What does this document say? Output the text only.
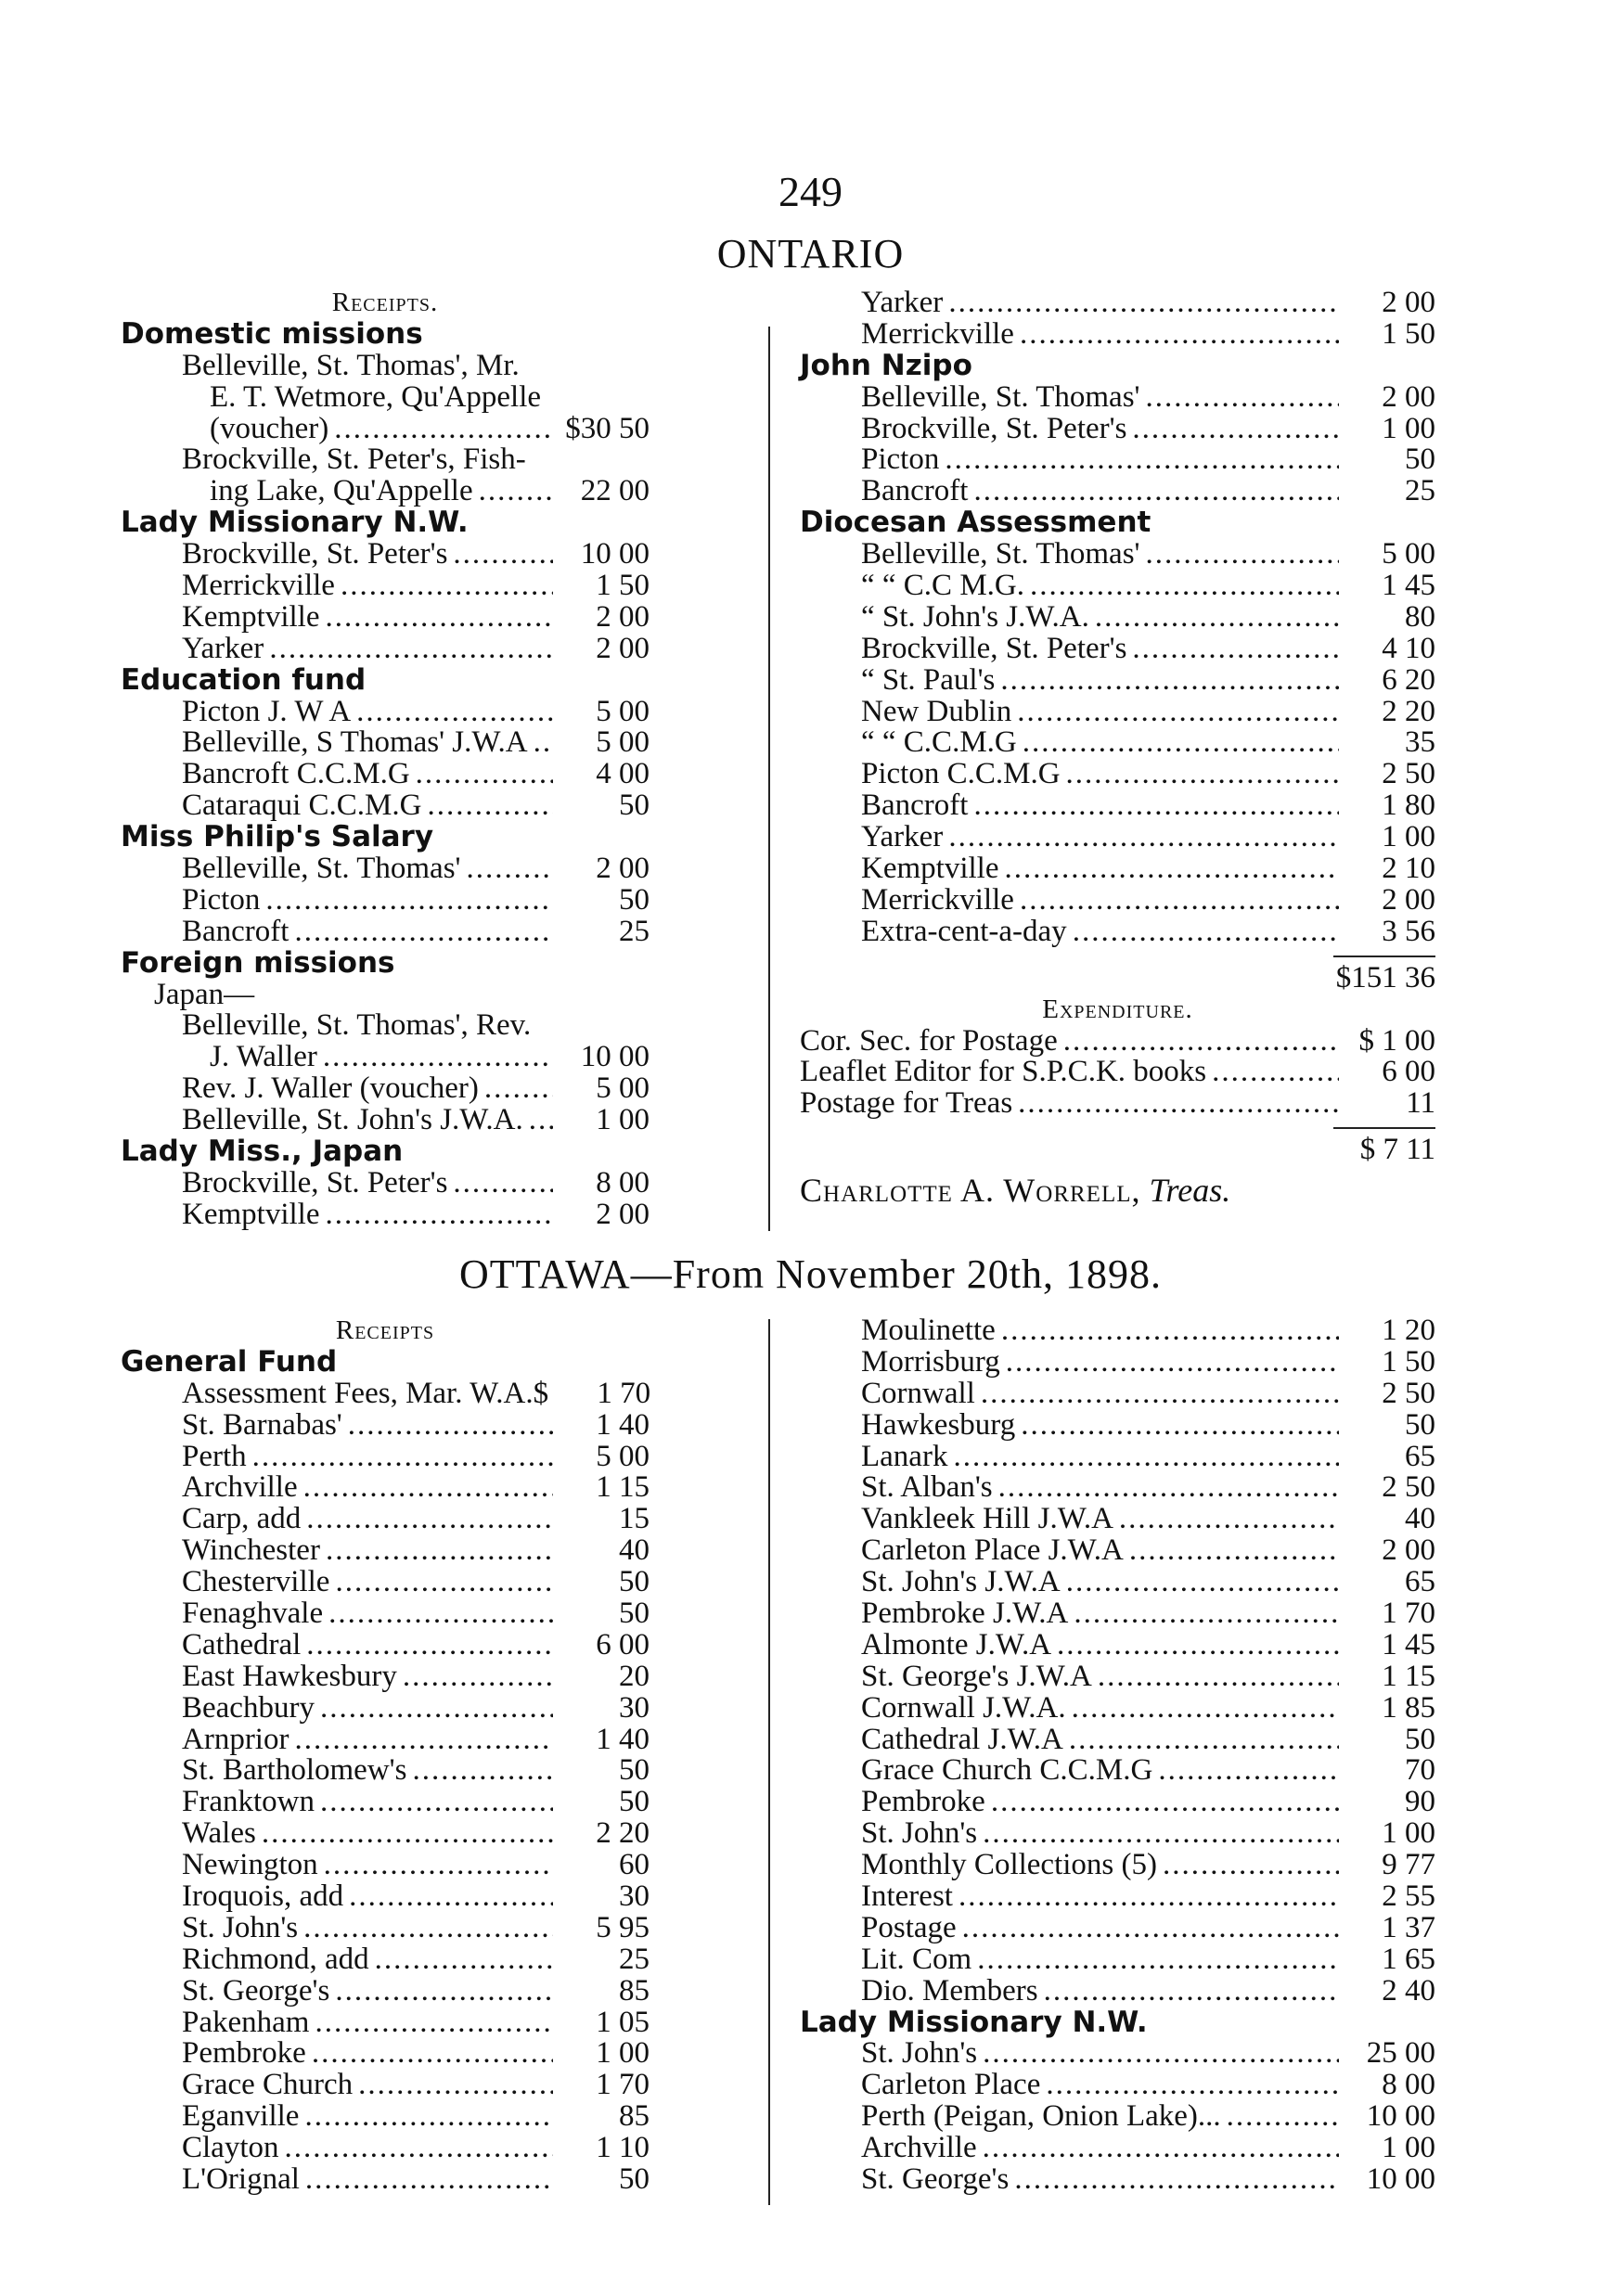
249
ONTARIO
Receipts.
Domestic missions
Belleville, St. Thomas', Mr.
E. T. Wetmore, Qu'Appelle
(voucher) .....	$30 50
Brockville, St. Peter's, Fish-
ing Lake, Qu'Appelle .....	22 00
Lady Missionary N.W.
Brockville, St. Peter's .....	10 00
Merrickville .....	1 50
Kemptville .....	2 00
Yarker .....	2 00
Education fund
Picton J. W A .....	5 00
Belleville, S Thomas' J.W.A .....	5 00
Bancroft C.C.M.G .....	4 00
Cataraqui C.C.M.G .....	50
Miss Philip's Salary
Belleville, St. Thomas' .....	2 00
Picton .....	50
Bancroft .....	25
Foreign missions
Japan—
Belleville, St. Thomas', Rev.
J. Waller .....	10 00
Rev. J. Waller (voucher) .....	5 00
Belleville, St. John's J.W.A. .....	1 00
Lady Miss., Japan
Brockville, St. Peter's .....	8 00
Kemptville .....	2 00
Yarker .....	2 00
Merrickville .....	1 50
John Nzipo
Belleville, St. Thomas' .....	2 00
Brockville, St. Peter's .....	1 00
Picton .....	50
Bancroft .....	25
Diocesan Assessment
Belleville, St. Thomas' .....	5 00
“ “ C.C M.G. .....	1 45
“ St. John's J.W.A. .....	80
Brockville, St. Peter's .....	4 10
“ St. Paul's .....	6 20
New Dublin .....	2 20
“ “ C.C.M.G .....	35
Picton C.C.M.G .....	2 50
Bancroft .....	1 80
Yarker .....	1 00
Kemptville .....	2 10
Merrickville .....	2 00
Extra-cent-a-day .....	3 56
$151 36
Expenditure.
Cor. Sec. for Postage .....	$ 1 00
Leaflet Editor for S.P.C.K. books .....	6 00
Postage for Treas .....	11
$ 7 11
Charlotte A. Worrell, Treas.
OTTAWA—From November 20th, 1898.
Receipts
General Fund
Assessment Fees, Mar. W.A.$	1 70
St. Barnabas' .....	1 40
Perth .....	5 00
Archville .....	1 15
Carp, add .....	15
Winchester .....	40
Chesterville .....	50
Fenaghvale .....	50
Cathedral .....	6 00
East Hawkesbury .....	20
Beachbury .....	30
Arnprior .....	1 40
St. Bartholomew's .....	50
Franktown .....	50
Wales .....	2 20
Newington .....	60
Iroquois, add .....	30
St. John's .....	5 95
Richmond, add .....	25
St. George's .....	85
Pakenham .....	1 05
Pembroke .....	1 00
Grace Church .....	1 70
Eganville .....	85
Clayton .....	1 10
L'Orignal .....	50
Moulinette .....	1 20
Morrisburg .....	1 50
Cornwall .....	2 50
Hawkesburg .....	50
Lanark .....	65
St. Alban's .....	2 50
Vankleek Hill J.W.A .....	40
Carleton Place J.W.A .....	2 00
St. John's J.W.A .....	65
Pembroke J.W.A .....	1 70
Almonte J.W.A .....	1 45
St. George's J.W.A .....	1 15
Cornwall J.W.A. .....	1 85
Cathedral J.W.A .....	50
Grace Church C.C.M.G .....	70
Pembroke .....	90
St. John's .....	1 00
Monthly Collections (5) .....	9 77
Interest .....	2 55
Postage .....	1 37
Lit. Com .....	1 65
Dio. Members .....	2 40
Lady Missionary N.W.
St. John's .....	25 00
Carleton Place .....	8 00
Perth (Peigan, Onion Lake)... .....	10 00
Archville .....	1 00
St. George's .....	10 00
